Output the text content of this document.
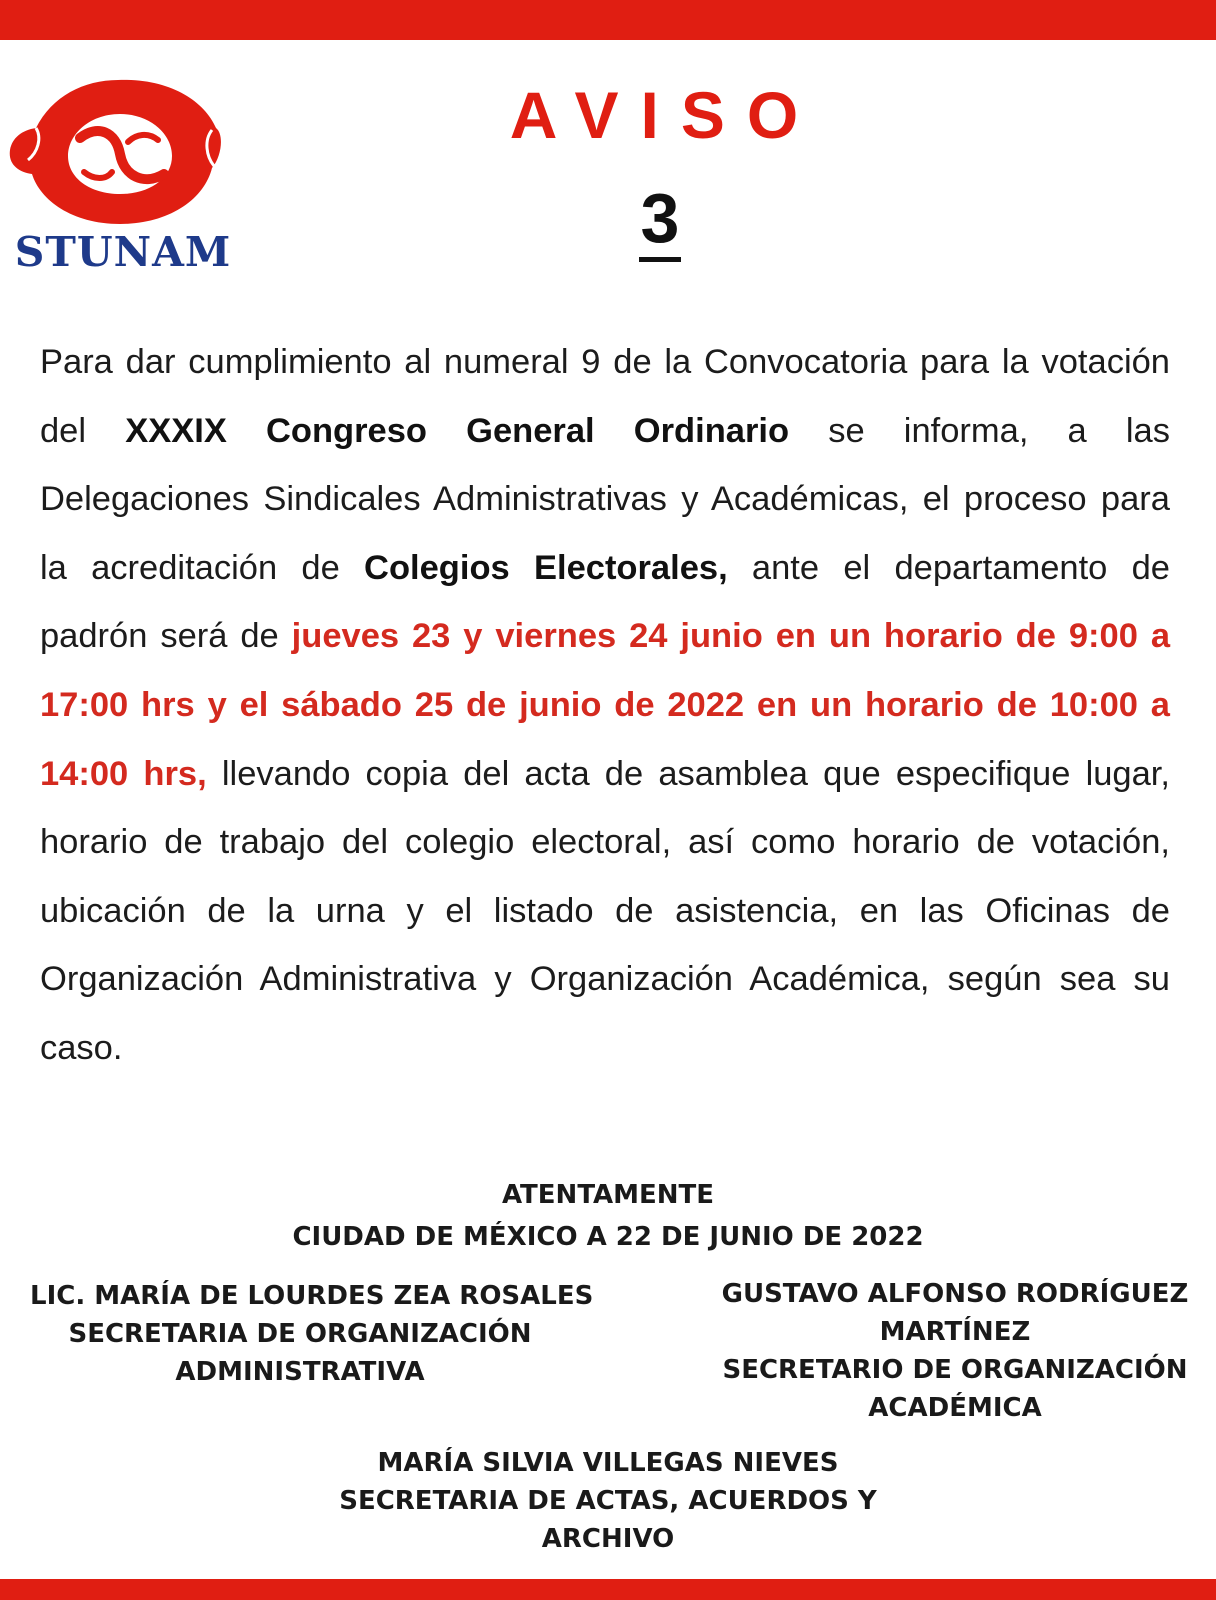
STUNAM
AVISO
3
Para dar cumplimiento al numeral 9 de la Convocatoria para la votación del XXXIX Congreso General Ordinario se informa, a las Delegaciones Sindicales Administrativas y Académicas, el proceso para la acreditación de Colegios Electorales, ante el departamento de padrón será de jueves 23 y viernes 24 junio en un horario de 9:00 a 17:00 hrs y el sábado 25 de junio de 2022 en un horario de 10:00 a 14:00 hrs, llevando copia del acta de asamblea que especifique lugar, horario de trabajo del colegio electoral, así como horario de votación, ubicación de la urna y el listado de asistencia, en las Oficinas de Organización Administrativa y Organización Académica, según sea su caso.
ATENTAMENTE
CIUDAD DE MÉXICO A 22 DE JUNIO DE 2022
LIC. MARÍA DE LOURDES ZEA ROSALES
SECRETARIA DE ORGANIZACIÓN
ADMINISTRATIVA
GUSTAVO ALFONSO RODRÍGUEZ
MARTÍNEZ
SECRETARIO DE ORGANIZACIÓN
ACADÉMICA
MARÍA SILVIA VILLEGAS NIEVES
SECRETARIA DE ACTAS, ACUERDOS Y
ARCHIVO
